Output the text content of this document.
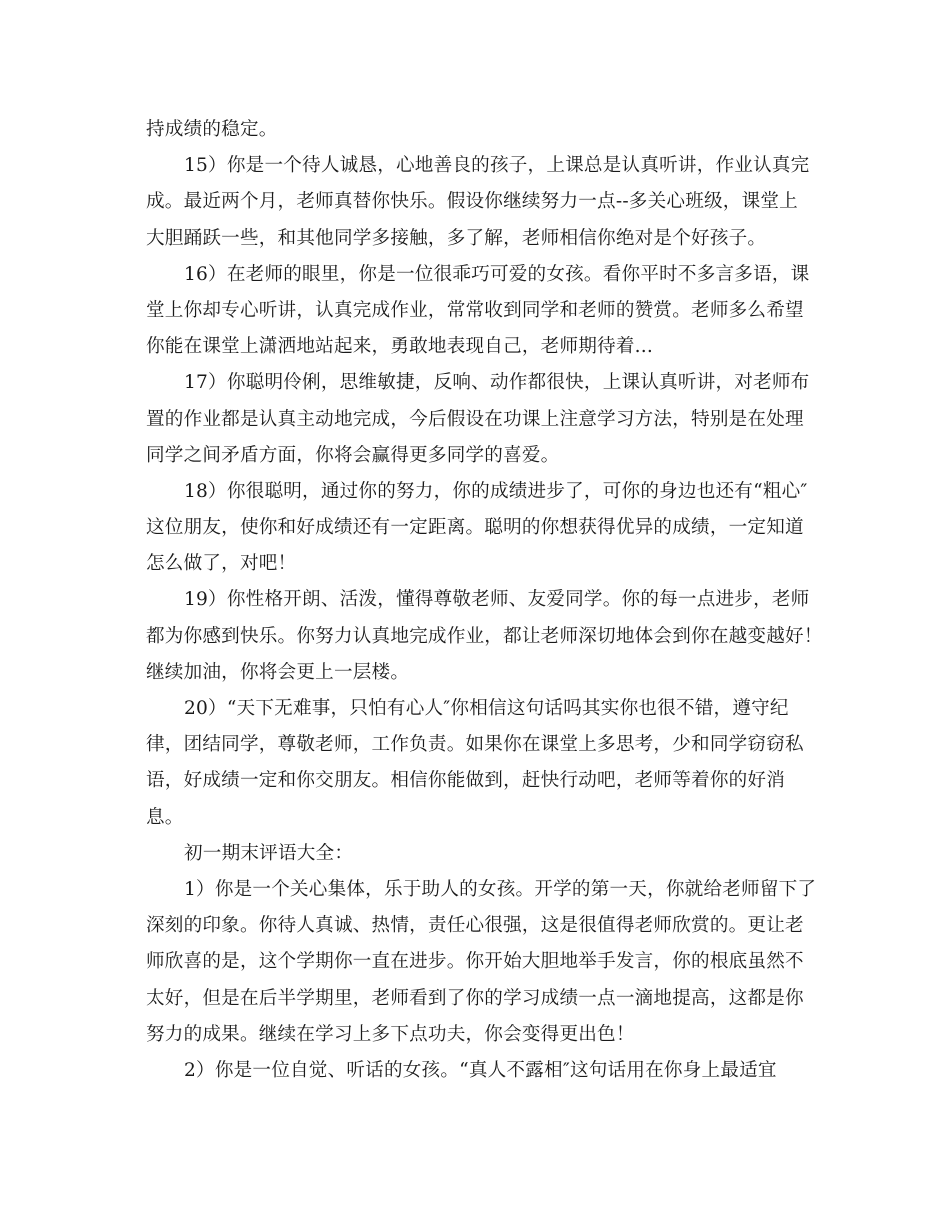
持成绩的稳定。
15）你是一个待人诚恳，心地善良的孩子，上课总是认真听讲，作业认真完
成。最近两个月，老师真替你快乐。假设你继续努力一点--多关心班级，课堂上
大胆踊跃一些，和其他同学多接触，多了解，老师相信你绝对是个好孩子。
16）在老师的眼里，你是一位很乖巧可爱的女孩。看你平时不多言多语，课
堂上你却专心听讲，认真完成作业，常常收到同学和老师的赞赏。老师多么希望
你能在课堂上潇洒地站起来，勇敢地表现自己，老师期待着...
17）你聪明伶俐，思维敏捷，反响、动作都很快，上课认真听讲，对老师布
置的作业都是认真主动地完成，今后假设在功课上注意学习方法，特别是在处理
同学之间矛盾方面，你将会赢得更多同学的喜爱。
18）你很聪明，通过你的努力，你的成绩进步了，可你的身边也还有“粗心″
这位朋友，使你和好成绩还有一定距离。聪明的你想获得优异的成绩，一定知道
怎么做了，对吧！
19）你性格开朗、活泼，懂得尊敬老师、友爱同学。你的每一点进步，老师
都为你感到快乐。你努力认真地完成作业，都让老师深切地体会到你在越变越好！
继续加油，你将会更上一层楼。
20）“天下无难事，只怕有心人″你相信这句话吗其实你也很不错，遵守纪
律，团结同学，尊敬老师，工作负责。如果你在课堂上多思考，少和同学窃窃私
语，好成绩一定和你交朋友。相信你能做到，赶快行动吧，老师等着你的好消
息。
初一期末评语大全：
1）你是一个关心集体，乐于助人的女孩。开学的第一天，你就给老师留下了
深刻的印象。你待人真诚、热情，责任心很强，这是很值得老师欣赏的。更让老
师欣喜的是，这个学期你一直在进步。你开始大胆地举手发言，你的根底虽然不
太好，但是在后半学期里，老师看到了你的学习成绩一点一滴地提高，这都是你
努力的成果。继续在学习上多下点功夫，你会变得更出色！
2）你是一位自觉、听话的女孩。“真人不露相″这句话用在你身上最适宜
